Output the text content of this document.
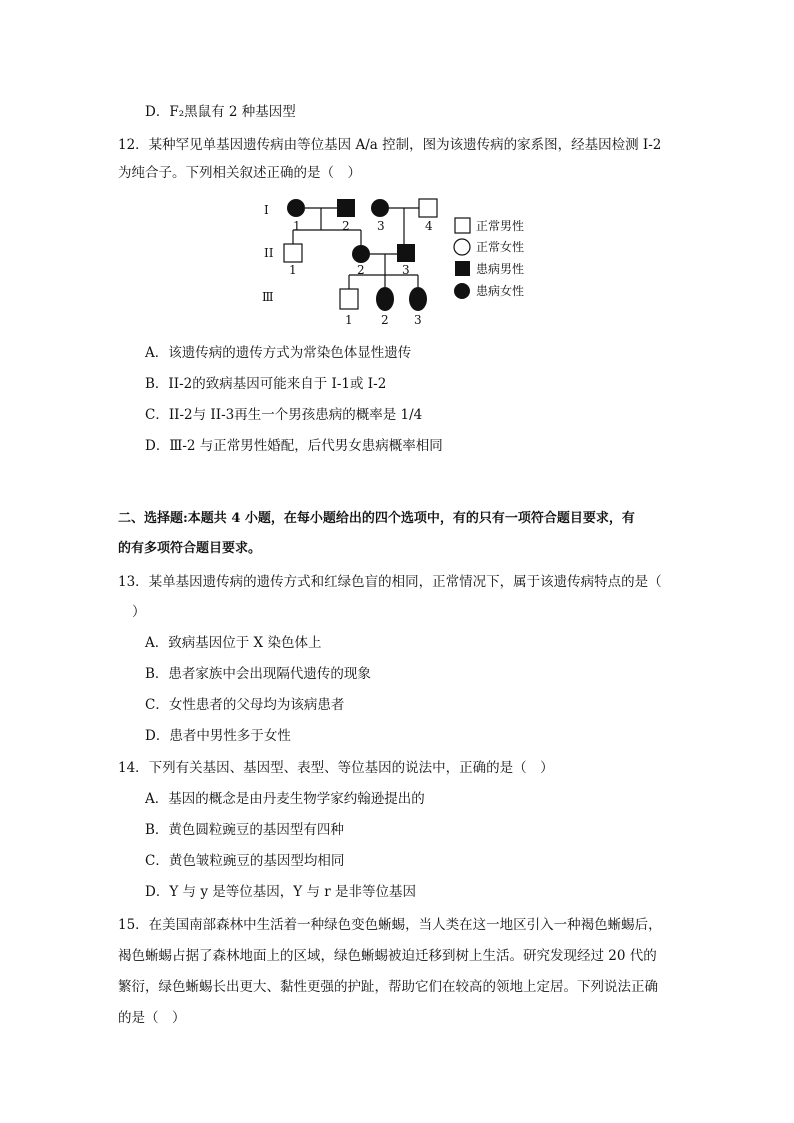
D．F₂黑鼠有 2 种基因型
12．某种罕见单基因遗传病由等位基因 A/a 控制，图为该遗传病的家系图，经基因检测 I-2
为纯合子。下列相关叙述正确的是（　）
I
II
Ⅲ
1	2 3	4
1	2	3
1 2 3
正常男性
正常女性
患病男性
患病女性
A．该遗传病的遗传方式为常染色体显性遗传
B．II-2的致病基因可能来自于 I-1或 I-2
C．II-2与 II-3再生一个男孩患病的概率是 1/4
D．Ⅲ-2 与正常男性婚配，后代男女患病概率相同
二、选择题:本题共 4 小题，在每小题给出的四个选项中，有的只有一项符合题目要求，有
的有多项符合题目要求。
13．某单基因遗传病的遗传方式和红绿色盲的相同，正常情况下，属于该遗传病特点的是（
）
A．致病基因位于 X 染色体上
B．患者家族中会出现隔代遗传的现象
C．女性患者的父母均为该病患者
D．患者中男性多于女性
14．下列有关基因、基因型、表型、等位基因的说法中，正确的是（　）
A．基因的概念是由丹麦生物学家约翰逊提出的
B．黄色圆粒豌豆的基因型有四种
C．黄色皱粒豌豆的基因型均相同
D．Y 与 y 是等位基因，Y 与 r 是非等位基因
15．在美国南部森林中生活着一种绿色变色蜥蜴，当人类在这一地区引入一种褐色蜥蜴后，
褐色蜥蜴占据了森林地面上的区域，绿色蜥蜴被迫迁移到树上生活。研究发现经过 20 代的
繁衍，绿色蜥蜴长出更大、黏性更强的护趾，帮助它们在较高的领地上定居。下列说法正确
的是（　）
